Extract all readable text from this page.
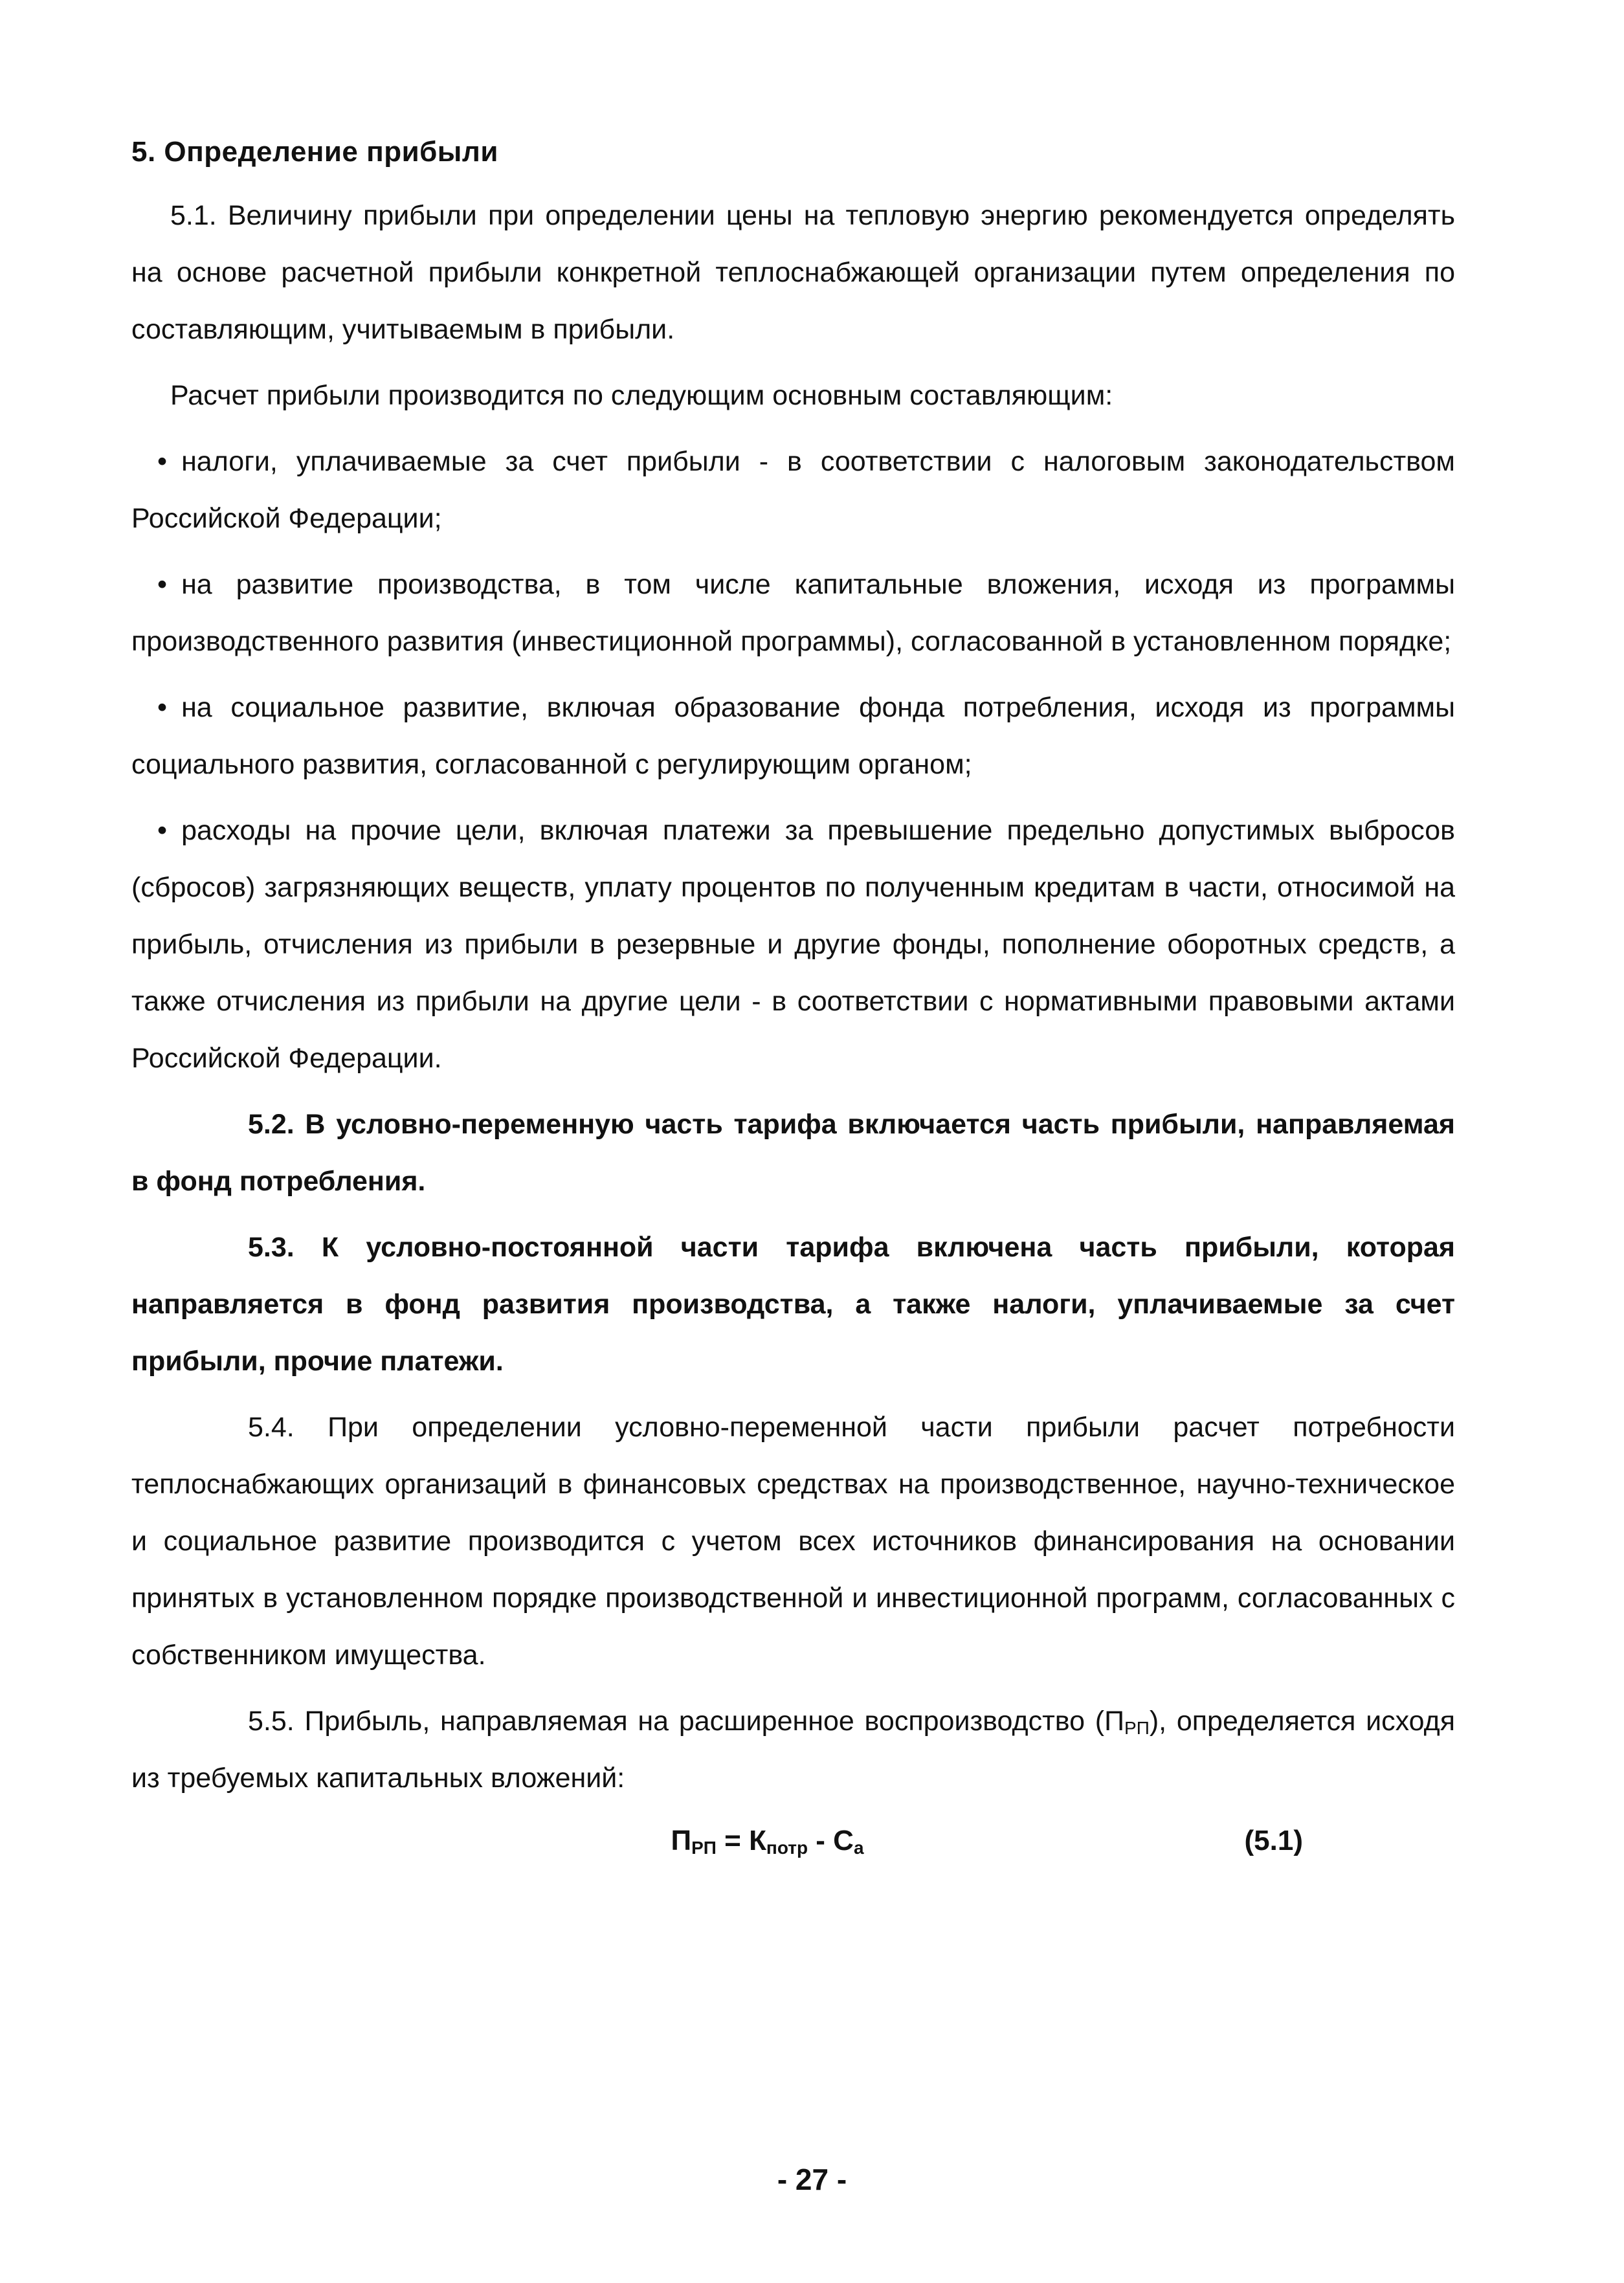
5. Определение прибыли

5.1. Величину прибыли при определении цены на тепловую энергию рекомендуется определять на основе расчетной прибыли конкретной теплоснабжающей организации путем определения по составляющим, учитываемым в прибыли.

Расчет прибыли производится по следующим основным составляющим:

• налоги, уплачиваемые за счет прибыли - в соответствии с налоговым законодательством Российской Федерации;

• на развитие производства, в том числе капитальные вложения, исходя из программы производственного развития (инвестиционной программы), согласованной в установленном порядке;

• на социальное развитие, включая образование фонда потребления, исходя из программы социального развития, согласованной с регулирующим органом;

• расходы на прочие цели, включая платежи за превышение предельно допустимых выбросов (сбросов) загрязняющих веществ, уплату процентов по полученным кредитам в части, относимой на прибыль, отчисления из прибыли в резервные и другие фонды, пополнение оборотных средств, а также отчисления из прибыли на другие цели - в соответствии с нормативными правовыми актами Российской Федерации.

5.2. В условно-переменную часть тарифа включается часть прибыли, направляемая в фонд потребления.

5.3. К условно-постоянной части тарифа включена часть прибыли, которая направляется в фонд развития производства, а также налоги, уплачиваемые за счет прибыли, прочие платежи.

5.4. При определении условно-переменной части прибыли расчет потребности теплоснабжающих организаций в финансовых средствах на производственное, научно-техническое и социальное развитие производится с учетом всех источников финансирования на основании принятых в установленном порядке производственной и инвестиционной программ, согласованных с собственником имущества.

5.5. Прибыль, направляемая на расширенное воспроизводство $(П_{РП})$, определяется исходя из требуемых капитальных вложений:

$П_{РП} = К_{потр} - С_а$	(5.1)
- 27 -
